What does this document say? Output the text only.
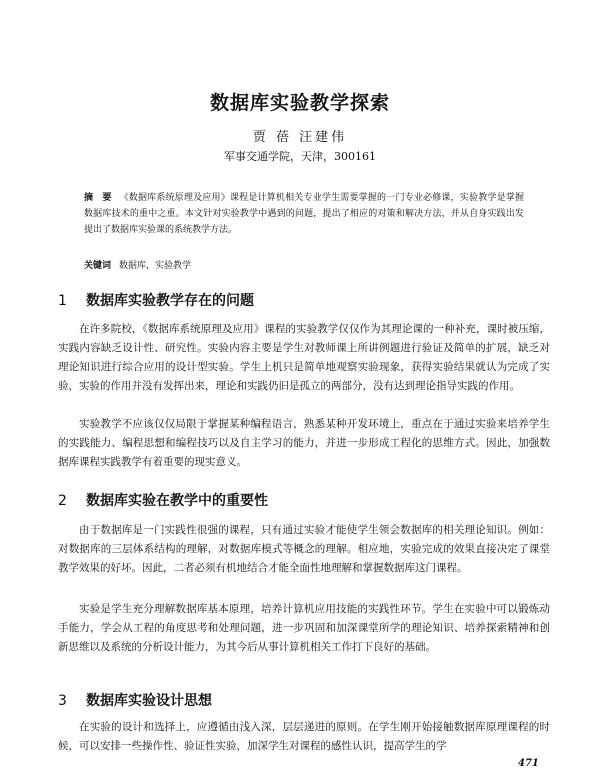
数据库实验教学探索
贾 蓓 汪建伟
军事交通学院，天津，300161
摘　要 《数据库系统原理及应用》课程是计算机相关专业学生需要掌握的一门专业必修课，实验教学是掌握数据库技术的重中之重。本文针对实验教学中遇到的问题，提出了相应的对策和解决方法，并从自身实践出发提出了数据库实验课的系统教学方法。
关键词 数据库，实验教学
1 数据库实验教学存在的问题
在许多院校，《数据库系统原理及应用》课程的实验教学仅仅作为其理论课的一种补充，课时被压缩，实践内容缺乏设计性、研究性。实验内容主要是学生对教师课上所讲例题进行验证及简单的扩展，缺乏对理论知识进行综合应用的设计型实验。学生上机只是简单地观察实验现象，获得实验结果就认为完成了实验，实验的作用并没有发挥出来，理论和实践仍旧是孤立的两部分，没有达到理论指导实践的作用。
实验教学不应该仅仅局限于掌握某种编程语言，熟悉某种开发环境上，重点在于通过实验来培养学生的实践能力、编程思想和编程技巧以及自主学习的能力，并进一步形成工程化的思维方式。因此，加强数据库课程实践教学有着重要的现实意义。
2 数据库实验在教学中的重要性
由于数据库是一门实践性很强的课程，只有通过实验才能使学生领会数据库的相关理论知识。例如：对数据库的三层体系结构的理解，对数据库模式等概念的理解。相应地，实验完成的效果直接决定了课堂教学效果的好坏。因此，二者必须有机地结合才能全面性地理解和掌握数据库这门课程。
实验是学生充分理解数据库基本原理，培养计算机应用技能的实践性环节。学生在实验中可以锻炼动手能力，学会从工程的角度思考和处理问题，进一步巩固和加深课堂所学的理论知识、培养探索精神和创新思维以及系统的分析设计能力，为其今后从事计算机相关工作打下良好的基础。
3 数据库实验设计思想
在实验的设计和选择上，应遵循由浅入深，层层递进的原则。在学生刚开始接触数据库原理课程的时候，可以安排一些操作性、验证性实验，加深学生对课程的感性认识，提高学生的学
471
